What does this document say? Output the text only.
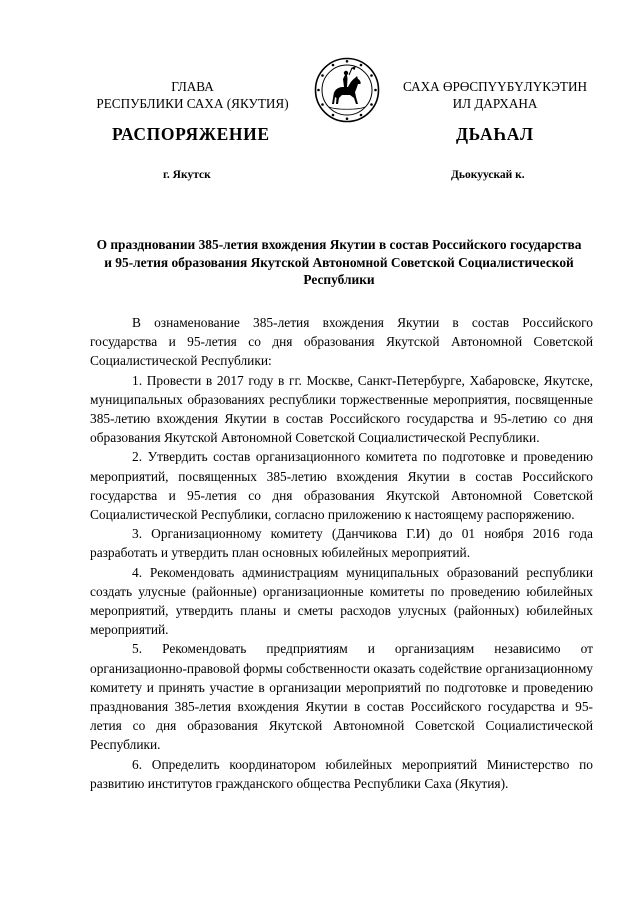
ГЛАВА
РЕСПУБЛИКИ САХА (ЯКУТИЯ)
САХА ӨРӨСПҮҮБҮЛҮКЭТИН
ИЛ ДАРХАНА
РАСПОРЯЖЕНИЕ	ДЬАҺАЛ
г. Якутск	Дьокуускай к.
О праздновании 385-летия вхождения Якутии в состав Российского государства и 95-летия образования Якутской Автономной Советской Социалистической Республики

В ознаменование 385-летия вхождения Якутии в состав Российского государства и 95-летия со дня образования Якутской Автономной Советской Социалистической Республики:

1. Провести в 2017 году в гг. Москве, Санкт-Петербурге, Хабаровске, Якутске, муниципальных образованиях республики торжественные мероприятия, посвященные 385-летию вхождения Якутии в состав Российского государства и 95-летию со дня образования Якутской Автономной Советской Социалистической Республики.

2. Утвердить состав организационного комитета по подготовке и проведению мероприятий, посвященных 385-летию вхождения Якутии в состав Российского государства и 95-летия со дня образования Якутской Автономной Советской Социалистической Республики, согласно приложению к настоящему распоряжению.

3. Организационному комитету (Данчикова Г.И) до 01 ноября 2016 года разработать и утвердить план основных юбилейных мероприятий.

4. Рекомендовать администрациям муниципальных образований республики создать улусные (районные) организационные комитеты по проведению юбилейных мероприятий, утвердить планы и сметы расходов улусных (районных) юбилейных мероприятий.

5. Рекомендовать предприятиям и организациям независимо от организационно-правовой формы собственности оказать содействие организационному комитету и принять участие в организации мероприятий по подготовке и проведению празднования 385-летия вхождения Якутии в состав Российского государства и 95-летия со дня образования Якутской Автономной Советской Социалистической Республики.

6. Определить координатором юбилейных мероприятий Министерство по развитию институтов гражданского общества Республики Саха (Якутия).
